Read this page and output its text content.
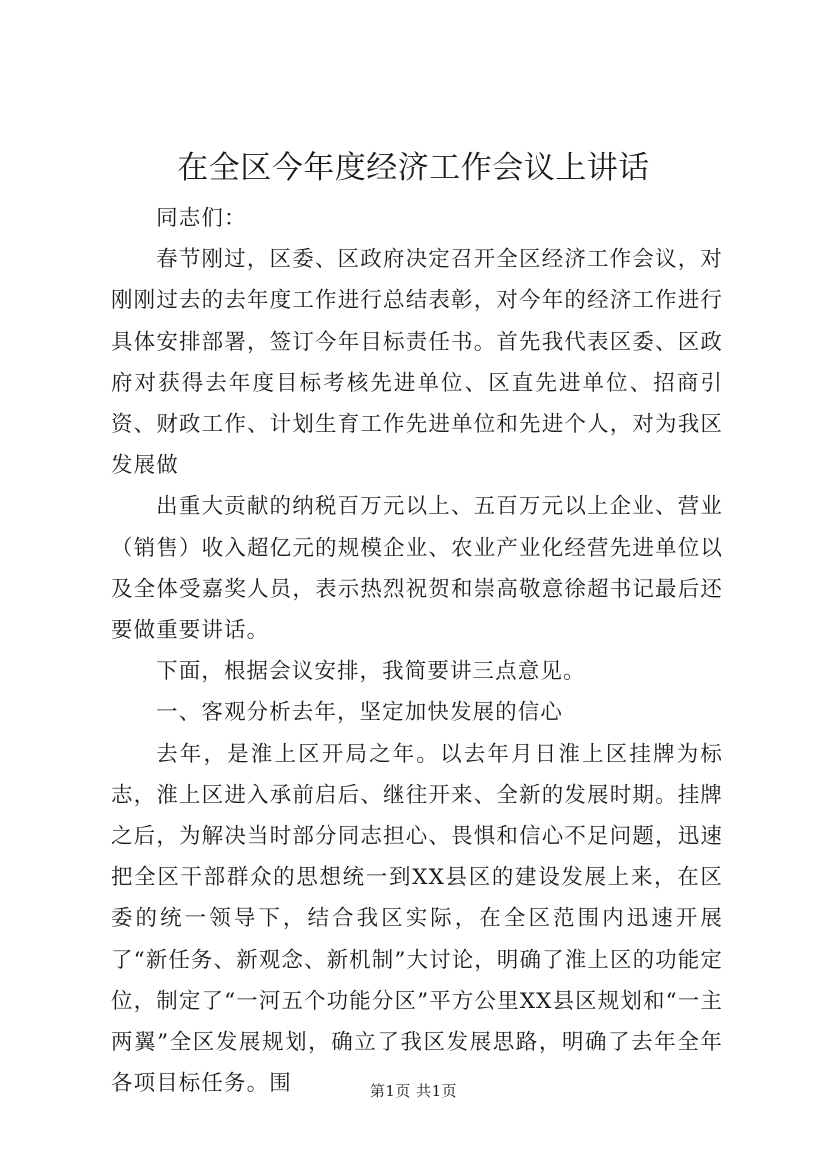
在全区今年度经济工作会议上讲话

同志们：

春节刚过，区委、区政府决定召开全区经济工作会议，对刚刚过去的去年度工作进行总结表彰，对今年的经济工作进行具体安排部署，签订今年目标责任书。首先我代表区委、区政府对获得去年度目标考核先进单位、区直先进单位、招商引资、财政工作、计划生育工作先进单位和先进个人，对为我区发展做

出重大贡献的纳税百万元以上、五百万元以上企业、营业（销售）收入超亿元的规模企业、农业产业化经营先进单位以及全体受嘉奖人员，表示热烈祝贺和崇高敬意徐超书记最后还要做重要讲话。

下面，根据会议安排，我简要讲三点意见。

一、客观分析去年，坚定加快发展的信心

去年，是淮上区开局之年。以去年月日淮上区挂牌为标志，淮上区进入承前启后、继往开来、全新的发展时期。挂牌之后，为解决当时部分同志担心、畏惧和信心不足问题，迅速把全区干部群众的思想统一到XX县区的建设发展上来，在区委的统一领导下，结合我区实际，在全区范围内迅速开展了“新任务、新观念、新机制”大讨论，明确了淮上区的功能定位，制定了“一河五个功能分区”平方公里XX县区规划和“一主两翼”全区发展规划，确立了我区发展思路，明确了去年全年各项目标任务。围	第1页 共1页
